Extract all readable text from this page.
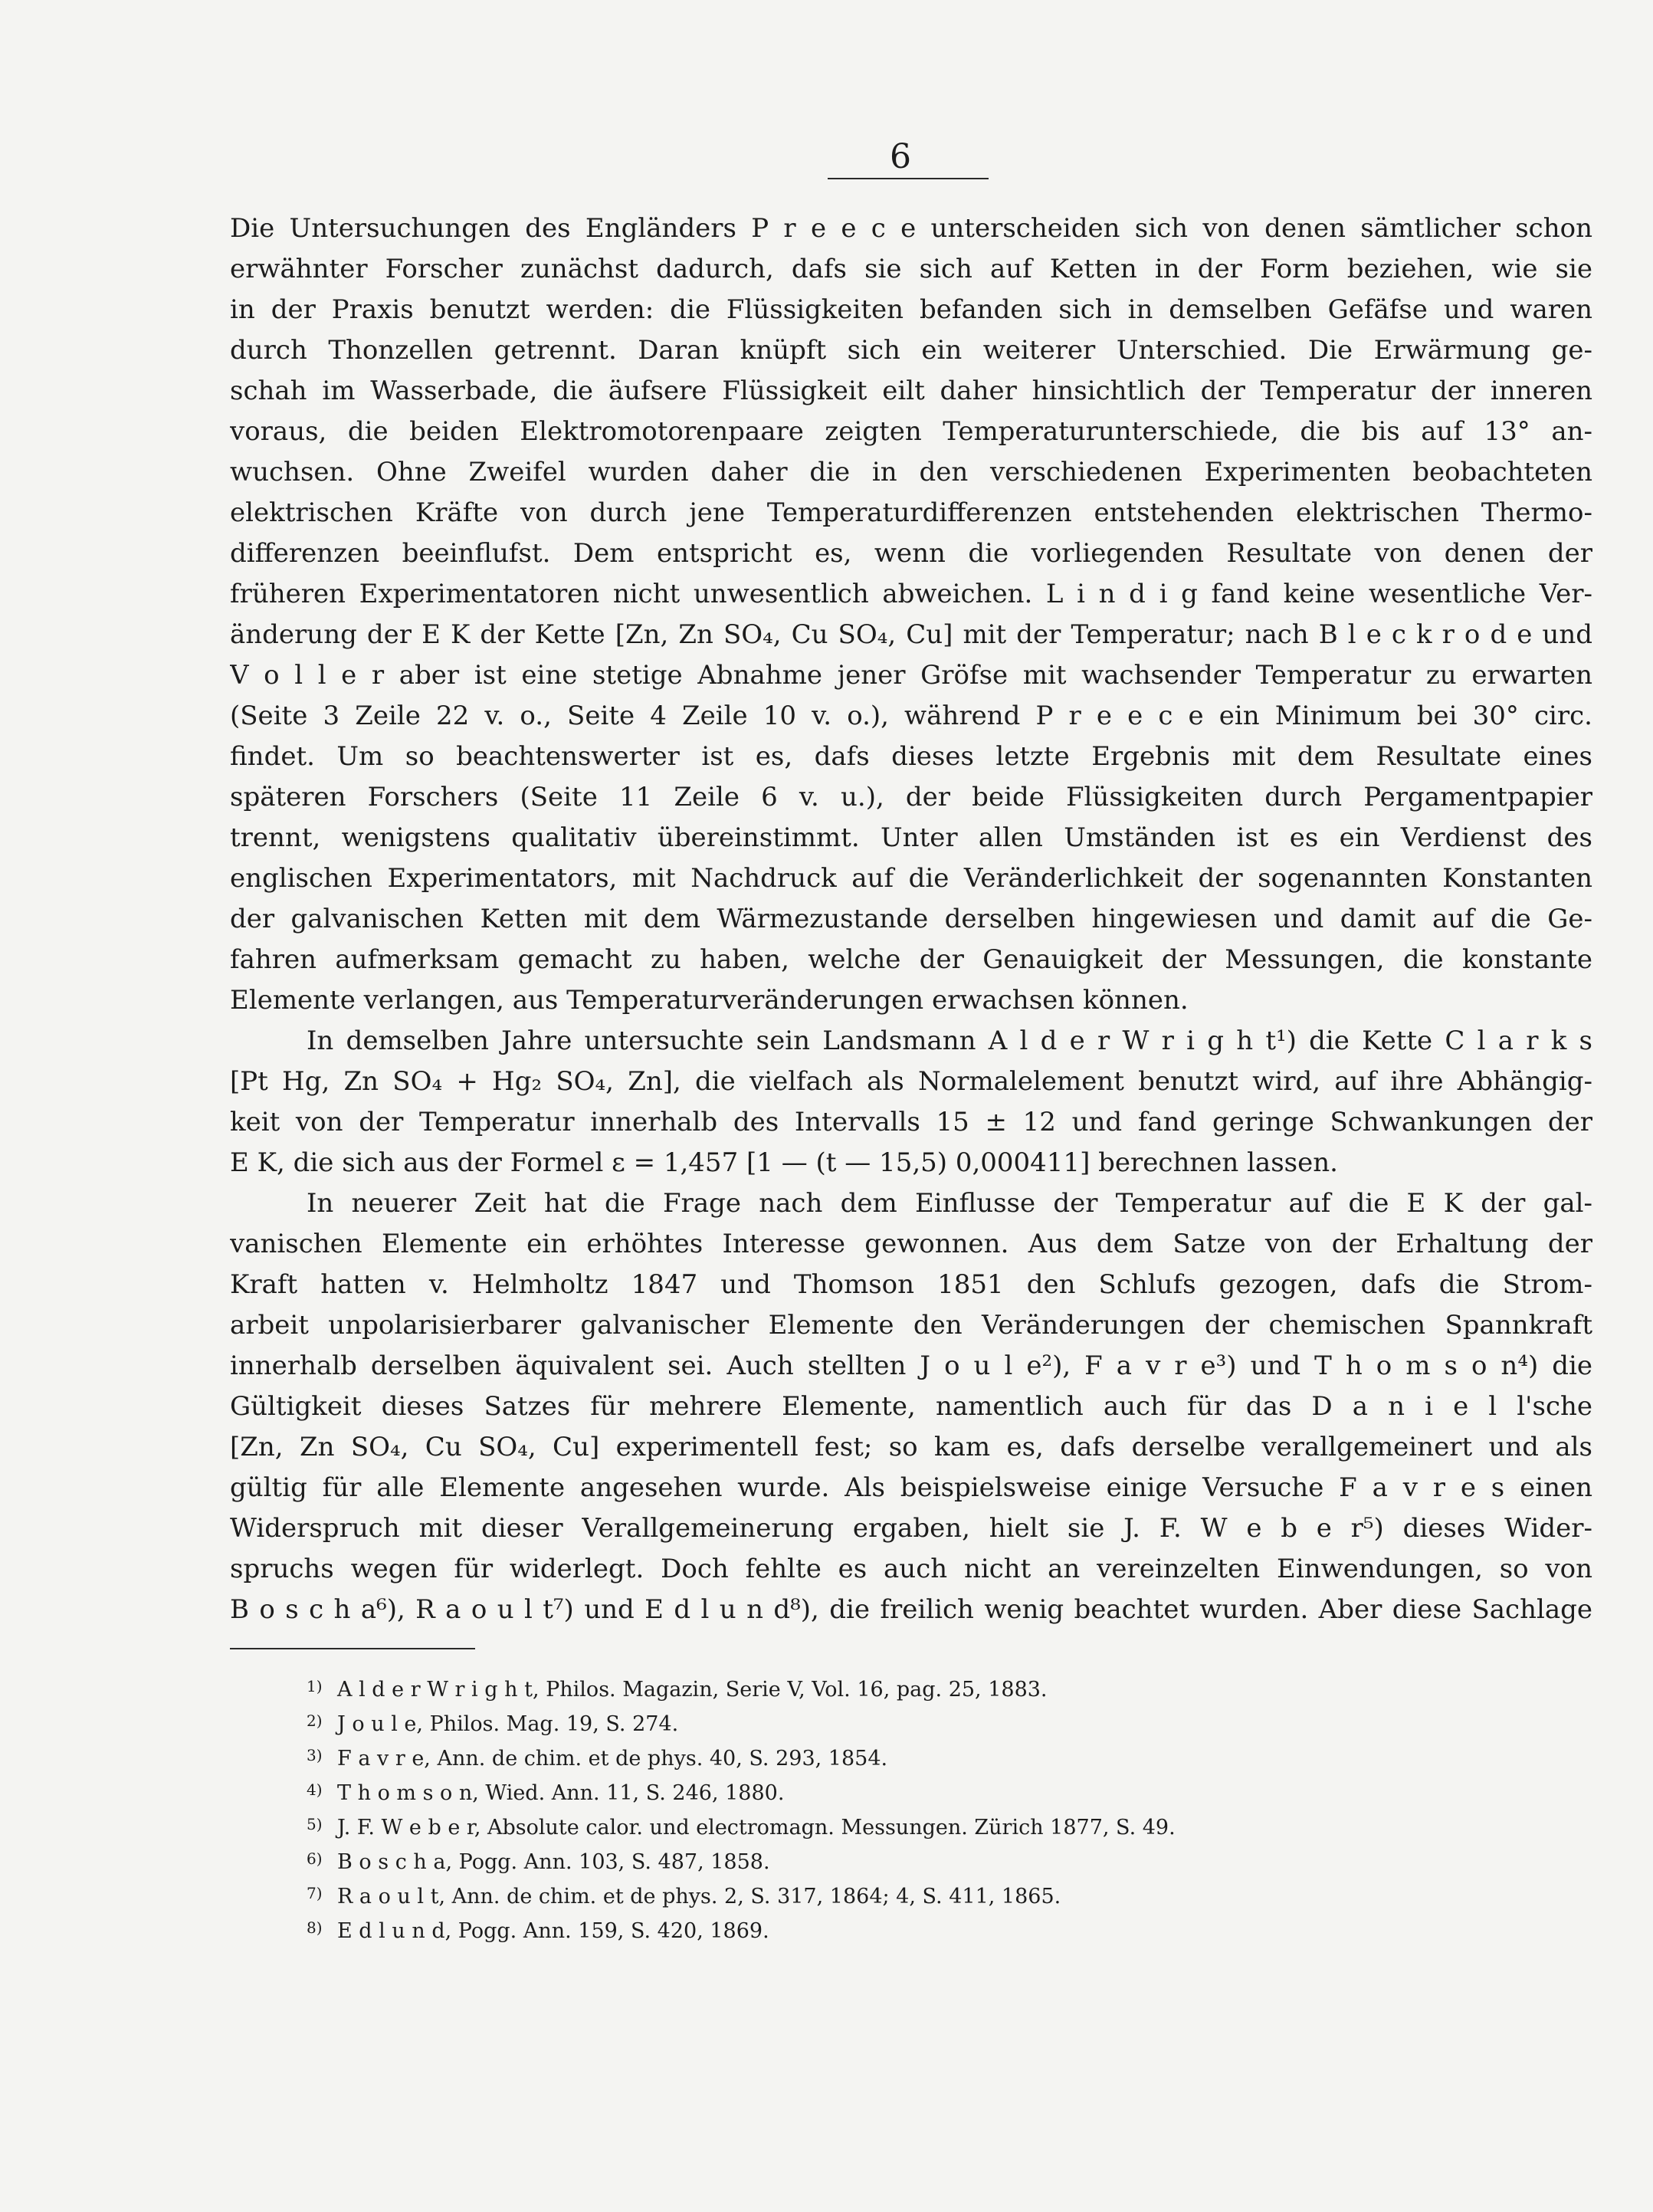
6
Die Untersuchungen des Engländers P r e e c e unterscheiden sich von denen sämtlicher schon
erwähnter Forscher zunächst dadurch, dafs sie sich auf Ketten in der Form beziehen, wie sie
in der Praxis benutzt werden: die Flüssigkeiten befanden sich in demselben Gefäfse und waren
durch Thonzellen getrennt. Daran knüpft sich ein weiterer Unterschied. Die Erwärmung ge-
schah im Wasserbade, die äufsere Flüssigkeit eilt daher hinsichtlich der Temperatur der inneren
voraus, die beiden Elektromotorenpaare zeigten Temperaturunterschiede, die bis auf 13° an-
wuchsen. Ohne Zweifel wurden daher die in den verschiedenen Experimenten beobachteten
elektrischen Kräfte von durch jene Temperaturdifferenzen entstehenden elektrischen Thermo-
differenzen beeinflufst. Dem entspricht es, wenn die vorliegenden Resultate von denen der
früheren Experimentatoren nicht unwesentlich abweichen. L i n d i g fand keine wesentliche Ver-
änderung der E K der Kette [Zn, Zn SO₄, Cu SO₄, Cu] mit der Temperatur; nach B l e c k r o d e und
V o l l e r aber ist eine stetige Abnahme jener Gröfse mit wachsender Temperatur zu erwarten
(Seite 3 Zeile 22 v. o., Seite 4 Zeile 10 v. o.), während P r e e c e ein Minimum bei 30° circ.
findet. Um so beachtenswerter ist es, dafs dieses letzte Ergebnis mit dem Resultate eines
späteren Forschers (Seite 11 Zeile 6 v. u.), der beide Flüssigkeiten durch Pergamentpapier
trennt, wenigstens qualitativ übereinstimmt. Unter allen Umständen ist es ein Verdienst des
englischen Experimentators, mit Nachdruck auf die Veränderlichkeit der sogenannten Konstanten
der galvanischen Ketten mit dem Wärmezustande derselben hingewiesen und damit auf die Ge-
fahren aufmerksam gemacht zu haben, welche der Genauigkeit der Messungen, die konstante
Elemente verlangen, aus Temperaturveränderungen erwachsen können.
In demselben Jahre untersuchte sein Landsmann A l d e r W r i g h t¹) die Kette C l a r k s
[Pt Hg, Zn SO₄ + Hg₂ SO₄, Zn], die vielfach als Normalelement benutzt wird, auf ihre Abhängig-
keit von der Temperatur innerhalb des Intervalls 15 ± 12 und fand geringe Schwankungen der
E K, die sich aus der Formel ε = 1,457 [1 — (t — 15,5) 0,000411] berechnen lassen.
In neuerer Zeit hat die Frage nach dem Einflusse der Temperatur auf die E K der gal-
vanischen Elemente ein erhöhtes Interesse gewonnen. Aus dem Satze von der Erhaltung der
Kraft hatten v. Helmholtz 1847 und Thomson 1851 den Schlufs gezogen, dafs die Strom-
arbeit unpolarisierbarer galvanischer Elemente den Veränderungen der chemischen Spannkraft
innerhalb derselben äquivalent sei. Auch stellten J o u l e²), F a v r e³) und T h o m s o n⁴) die
Gültigkeit dieses Satzes für mehrere Elemente, namentlich auch für das D a n i e l l'sche
[Zn, Zn SO₄, Cu SO₄, Cu] experimentell fest; so kam es, dafs derselbe verallgemeinert und als
gültig für alle Elemente angesehen wurde. Als beispielsweise einige Versuche F a v r e s einen
Widerspruch mit dieser Verallgemeinerung ergaben, hielt sie J. F. W e b e r⁵) dieses Wider-
spruchs wegen für widerlegt. Doch fehlte es auch nicht an vereinzelten Einwendungen, so von
B o s c h a⁶), R a o u l t⁷) und E d l u n d⁸), die freilich wenig beachtet wurden. Aber diese Sachlage
1) A l d e r W r i g h t, Philos. Magazin, Serie V, Vol. 16, pag. 25, 1883.
2) J o u l e, Philos. Mag. 19, S. 274.
3) F a v r e, Ann. de chim. et de phys. 40, S. 293, 1854.
4) T h o m s o n, Wied. Ann. 11, S. 246, 1880.
5) J. F. W e b e r, Absolute calor. und electromagn. Messungen. Zürich 1877, S. 49.
6) B o s c h a, Pogg. Ann. 103, S. 487, 1858.
7) R a o u l t, Ann. de chim. et de phys. 2, S. 317, 1864; 4, S. 411, 1865.
8) E d l u n d, Pogg. Ann. 159, S. 420, 1869.
